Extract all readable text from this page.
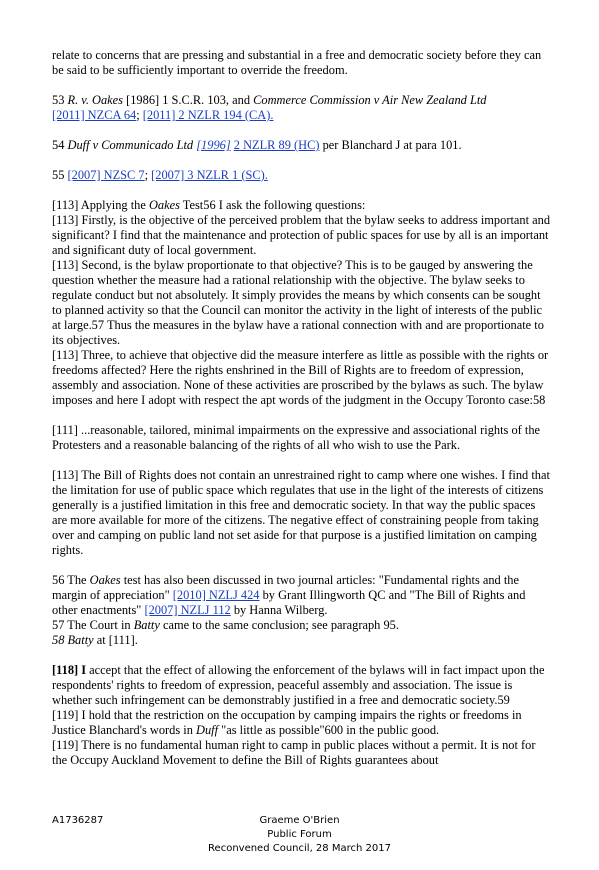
relate to concerns that are pressing and substantial in a free and democratic society before they can be said to be sufficiently important to override the freedom.

53 R. v. Oakes [1986] 1 S.C.R. 103, and Commerce Commission v Air New Zealand Ltd
[2011] NZCA 64; [2011] 2 NZLR 194 (CA).

54 Duff v Communicado Ltd [1996] 2 NZLR 89 (HC) per Blanchard J at para 101.

55 [2007] NZSC 7; [2007] 3 NZLR 1 (SC).

[113] Applying the Oakes Test56 I ask the following questions:

[113] Firstly, is the objective of the perceived problem that the bylaw seeks to address important and significant? I find that the maintenance and protection of public spaces for use by all is an important and significant duty of local government.

[113] Second, is the bylaw proportionate to that objective? This is to be gauged by answering the question whether the measure had a rational relationship with the objective. The bylaw seeks to regulate conduct but not absolutely. It simply provides the means by which consents can be sought to planned activity so that the Council can monitor the activity in the light of interests of the public at large.57 Thus the measures in the bylaw have a rational connection with and are proportionate to its objectives.

[113] Three, to achieve that objective did the measure interfere as little as possible with the rights or freedoms affected? Here the rights enshrined in the Bill of Rights are to freedom of expression, assembly and association. None of these activities are proscribed by the bylaws as such. The bylaw imposes and here I adopt with respect the apt words of the judgment in the Occupy Toronto case:58

[111] ...reasonable, tailored, minimal impairments on the expressive and associational rights of the Protesters and a reasonable balancing of the rights of all who wish to use the Park.

[113] The Bill of Rights does not contain an unrestrained right to camp where one wishes. I find that the limitation for use of public space which regulates that use in the light of the interests of citizens generally is a justified limitation in this free and democratic society. In that way the public spaces are more available for more of the citizens. The negative effect of constraining people from taking over and camping on public land not set aside for that purpose is a justified limitation on camping rights.

56 The Oakes test has also been discussed in two journal articles: "Fundamental rights and the margin of appreciation" [2010] NZLJ 424 by Grant Illingworth QC and "The Bill of Rights and other enactments" [2007] NZLJ 112 by Hanna Wilberg.

57 The Court in Batty came to the same conclusion; see paragraph 95.

58 Batty at [111].

[118] I accept that the effect of allowing the enforcement of the bylaws will in fact impact upon the respondents' rights to freedom of expression, peaceful assembly and association. The issue is whether such infringement can be demonstrably justified in a free and democratic society.59

[119] I hold that the restriction on the occupation by camping impairs the rights or freedoms in Justice Blanchard's words in Duff "as little as possible"600 in the public good.

[119] There is no fundamental human right to camp in public places without a permit. It is not for the Occupy Auckland Movement to define the Bill of Rights guarantees about

A1736287	Graeme O'Brien
Public Forum
Reconvened Council, 28 March 2017
